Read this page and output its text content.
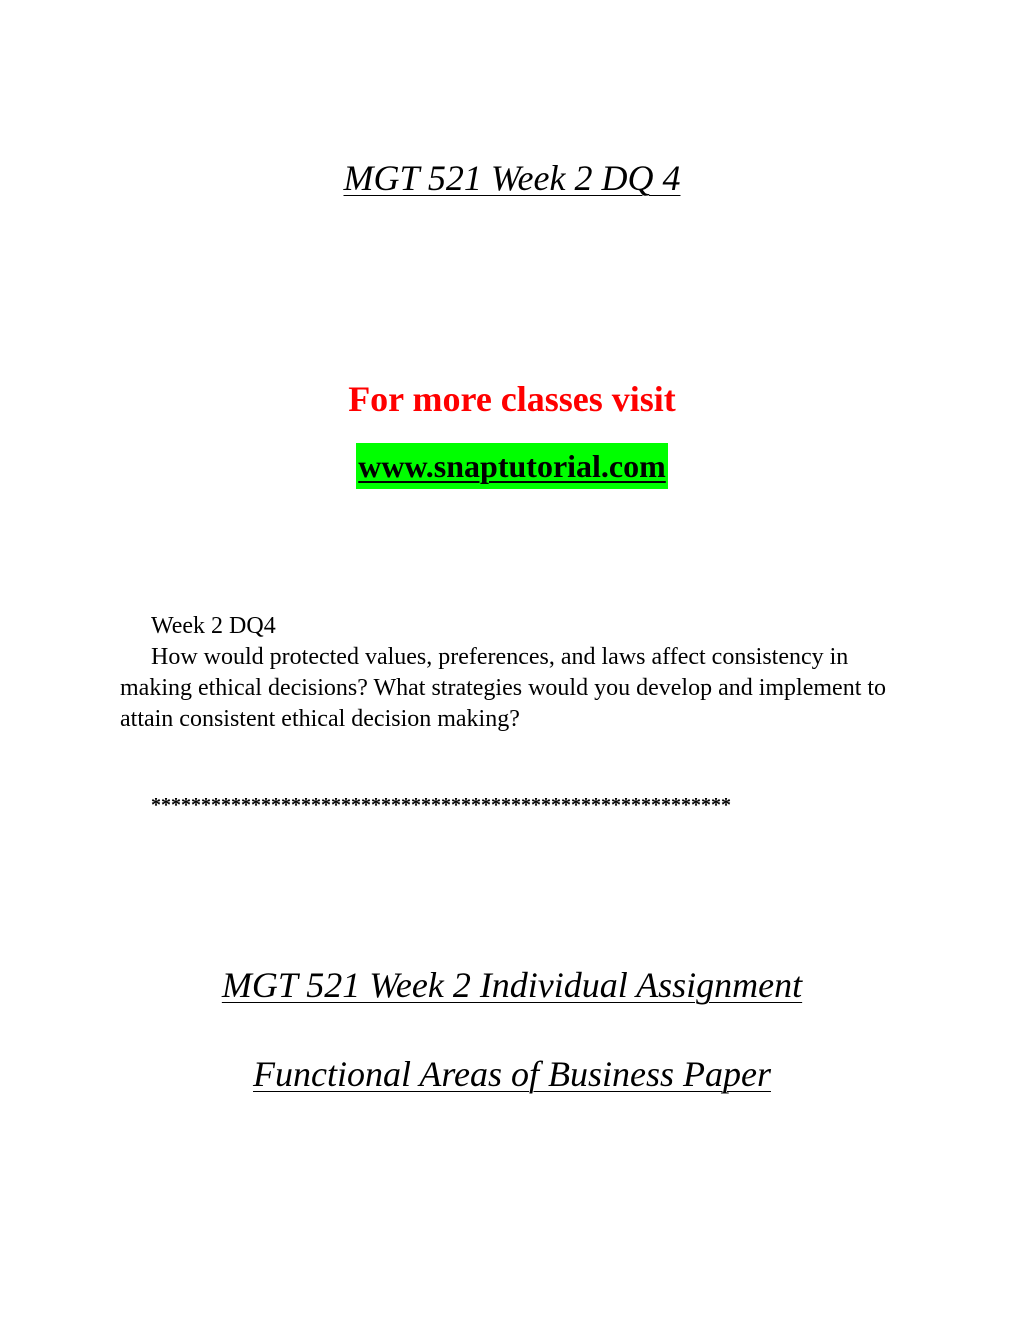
MGT 521 Week 2 DQ 4
For more classes visit
www.snaptutorial.com

Week 2 DQ4

How would protected values, preferences, and laws affect consistency in making ethical decisions? What strategies would you develop and implement to attain consistent ethical decision making?

**********************************************************
MGT 521 Week 2 Individual Assignment
Functional Areas of Business Paper
